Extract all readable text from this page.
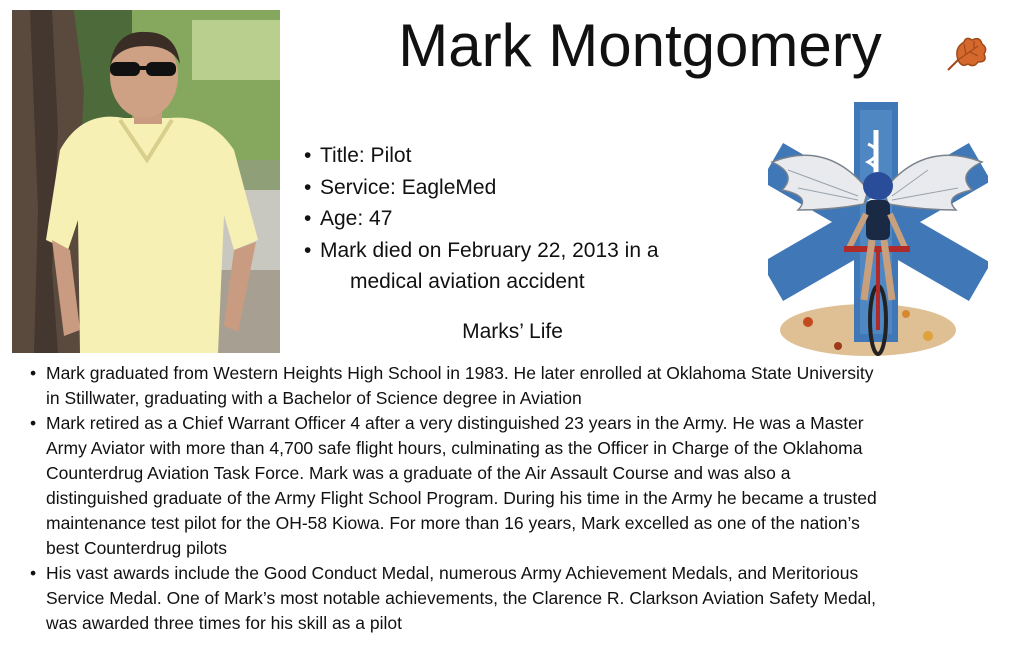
Mark Montgomery
• Title: Pilot
• Service: EagleMed
• Age: 47
• Mark died on February 22, 2013 in a
medical aviation accident
Marks’ Life
• Mark graduated from Western Heights High School in 1983. He later enrolled at Oklahoma State University
in Stillwater, graduating with a Bachelor of Science degree in Aviation
• Mark retired as a Chief Warrant Officer 4 after a very distinguished 23 years in the Army. He was a Master
Army Aviator with more than 4,700 safe flight hours, culminating as the Officer in Charge of the Oklahoma
Counterdrug Aviation Task Force. Mark was a graduate of the Air Assault Course and was also a
distinguished graduate of the Army Flight School Program. During his time in the Army he became a trusted
maintenance test pilot for the OH-58 Kiowa. For more than 16 years, Mark excelled as one of the nation’s
best Counterdrug pilots
• His vast awards include the Good Conduct Medal, numerous Army Achievement Medals, and Meritorious
Service Medal. One of Mark’s most notable achievements, the Clarence R. Clarkson Aviation Safety Medal,
was awarded three times for his skill as a pilot
